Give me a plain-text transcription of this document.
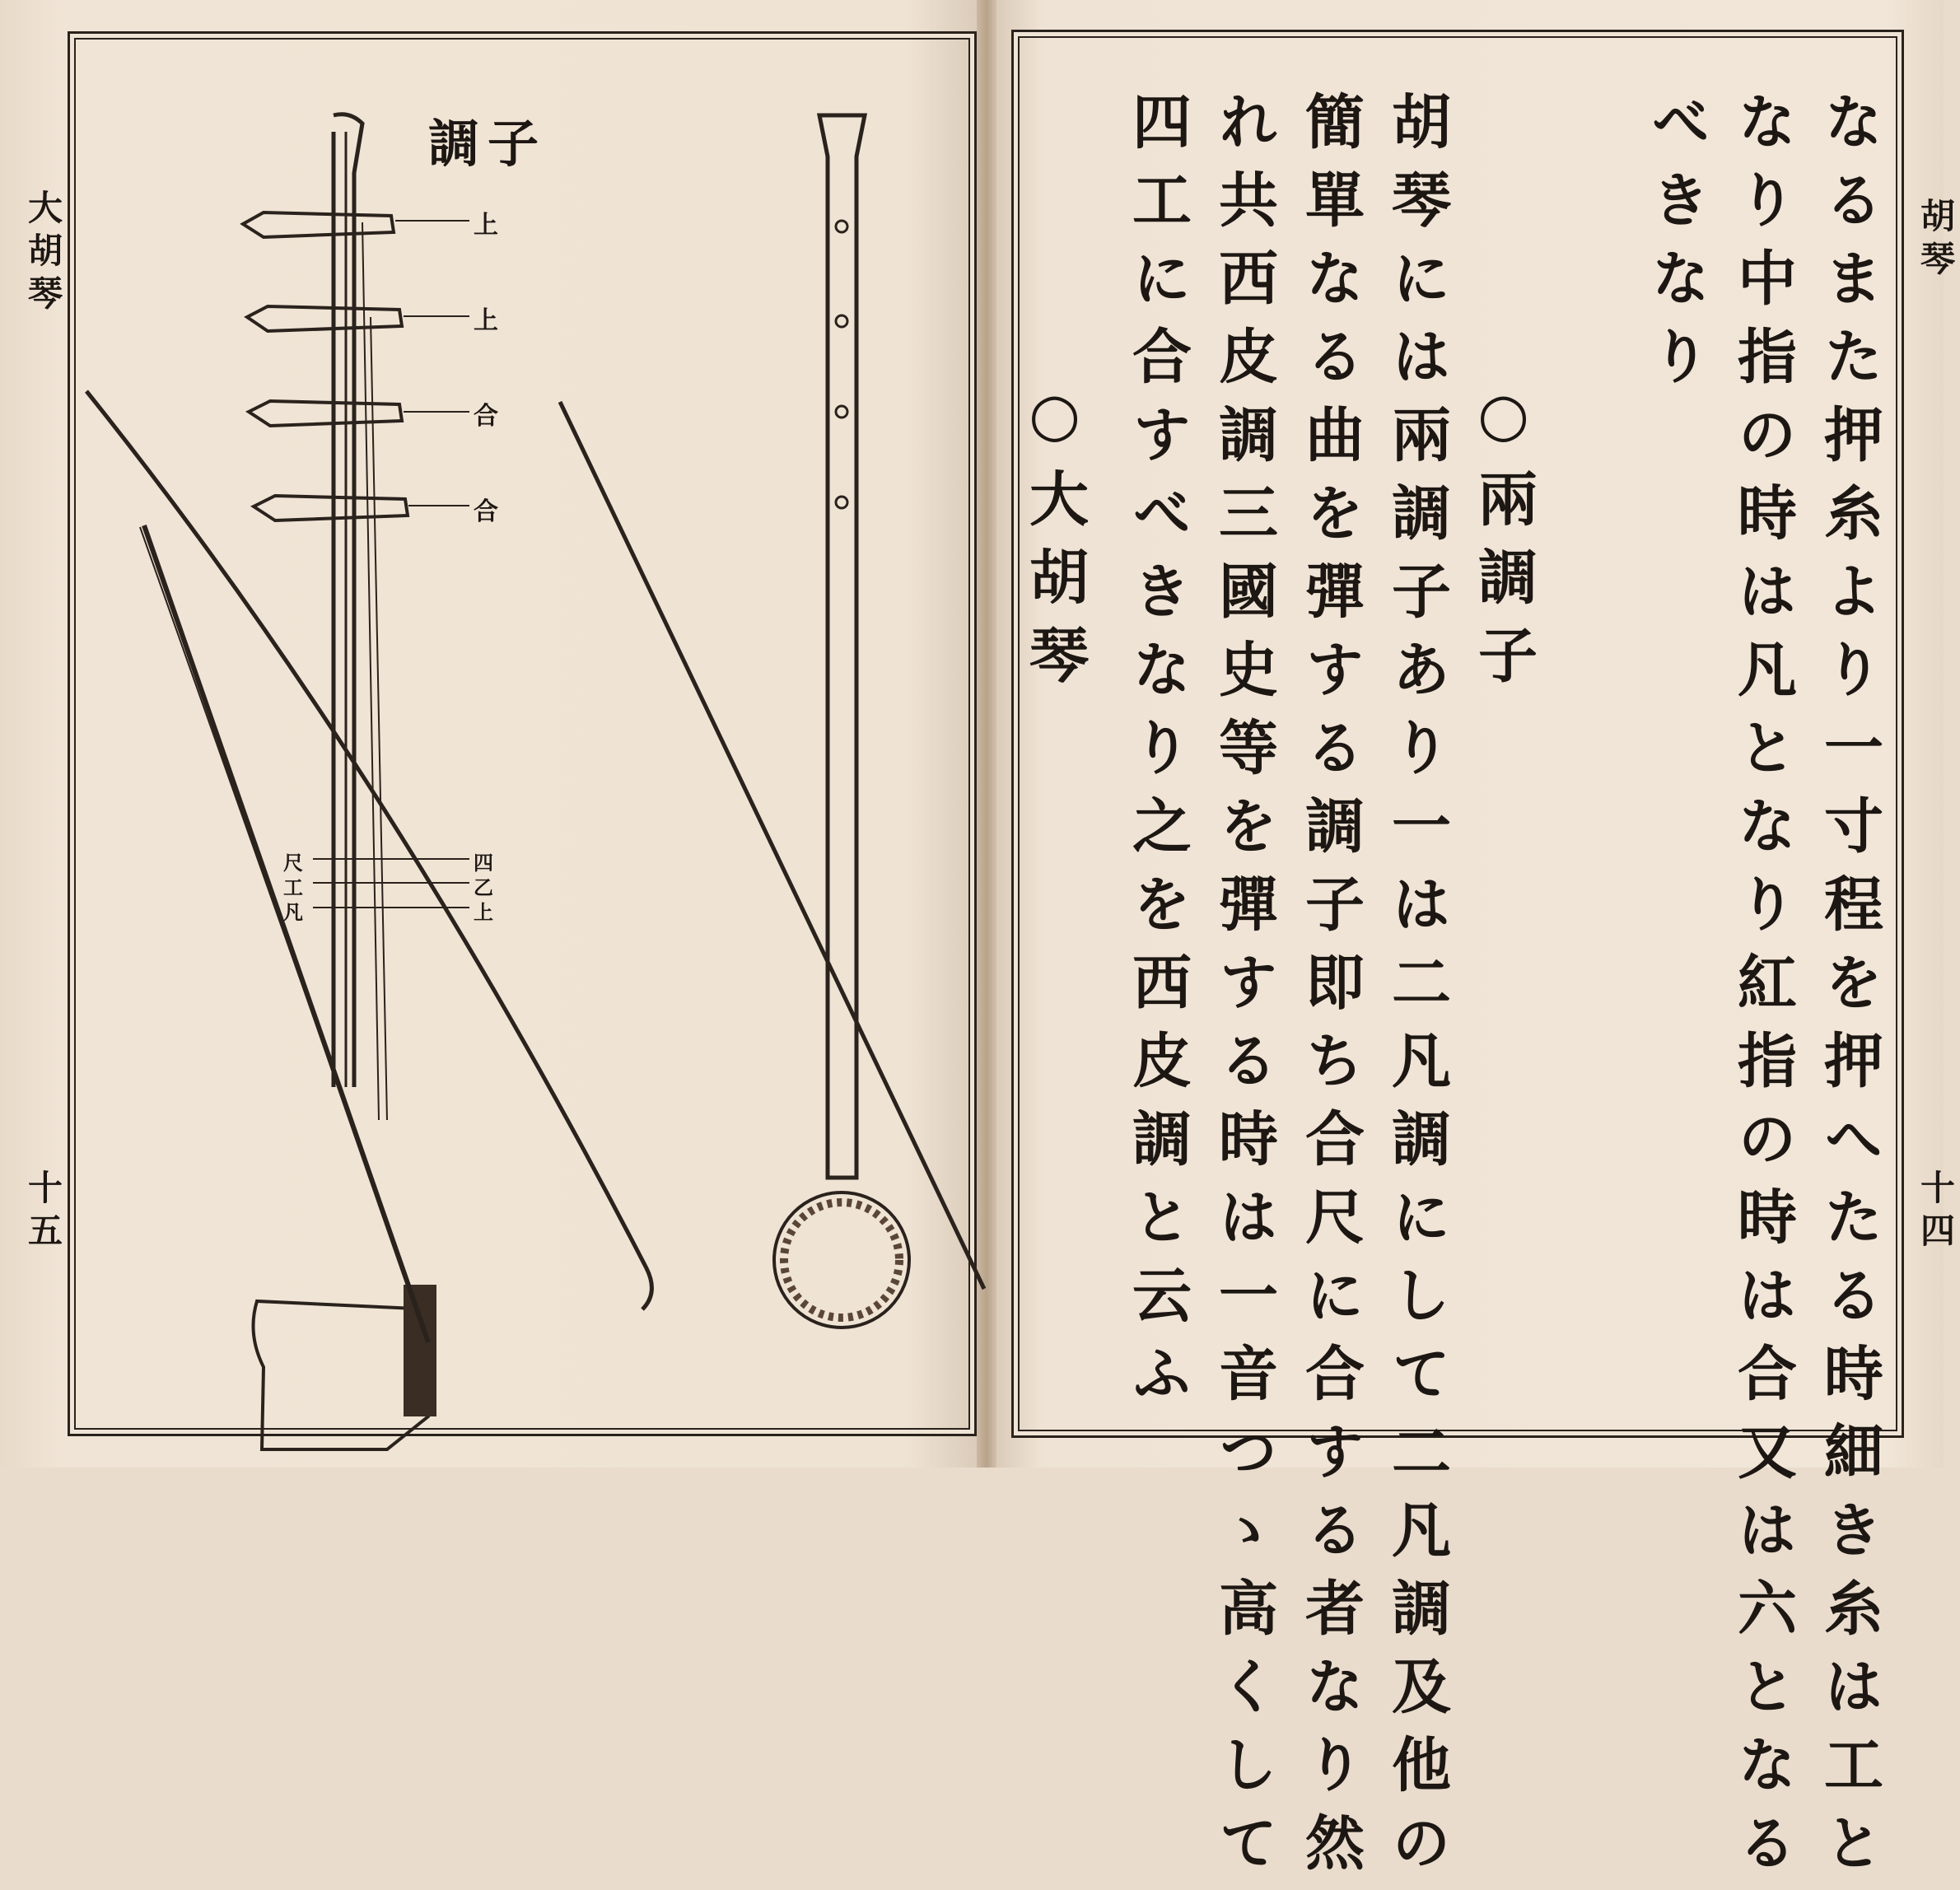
大胡琴
十五
胡琴
十四
調子
上
上
合
合
尺
工
凡
四
乙
上	なるまた押糸より一寸程を押へたる時細き糸は工と
なり中指の時は凡となり紅指の時は合又は六となる
べきなり
○兩調子
胡琴には兩調子あり一は二凡調にして二凡調及他の
簡單なる曲を彈する調子即ち合尺に合する者なり然
れ共西皮調三國史等を彈する時は一音つゝ高くして
四工に合すべきなり之を西皮調と云ふ
○大胡琴
